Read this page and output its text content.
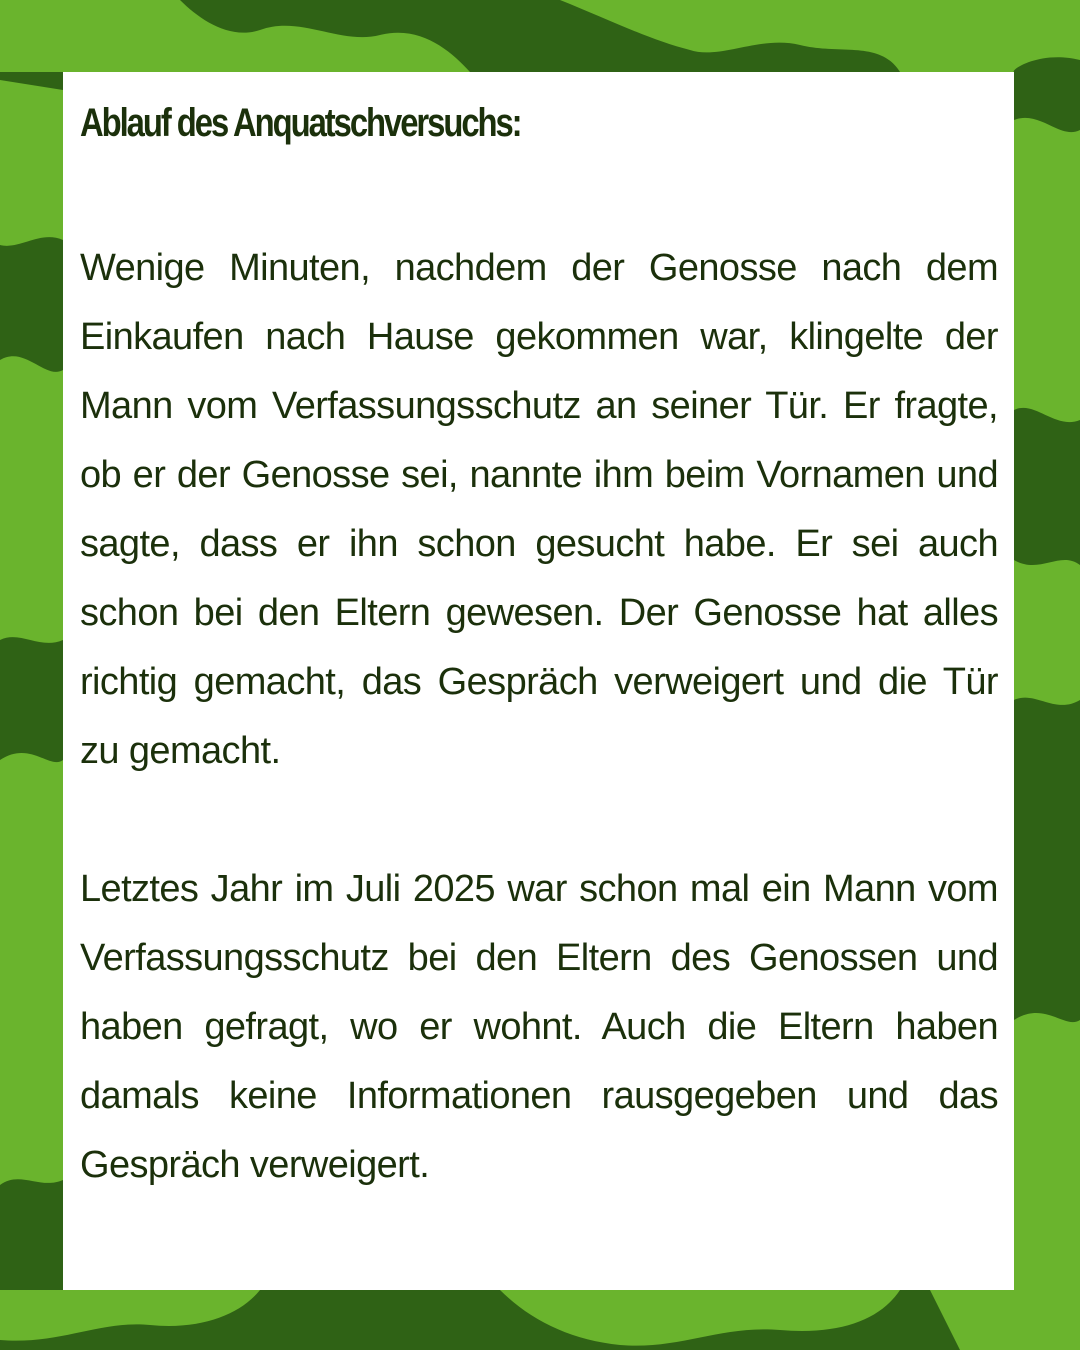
Ablauf des Anquatschversuchs:

Wenige Minuten, nachdem der Genosse nach dem Einkaufen nach Hause gekommen war, klingelte der Mann vom Verfassungsschutz an seiner Tür. Er fragte, ob er der Genosse sei, nannte ihm beim Vornamen und sagte, dass er ihn schon gesucht habe. Er sei auch schon bei den Eltern gewesen. Der Genosse hat alles richtig gemacht, das Gespräch verweigert und die Tür zu gemacht.

Letztes Jahr im Juli 2025 war schon mal ein Mann vom Verfassungsschutz bei den Eltern des Genossen und haben gefragt, wo er wohnt. Auch die Eltern haben damals keine Informationen rausgegeben und das Gespräch verweigert.
